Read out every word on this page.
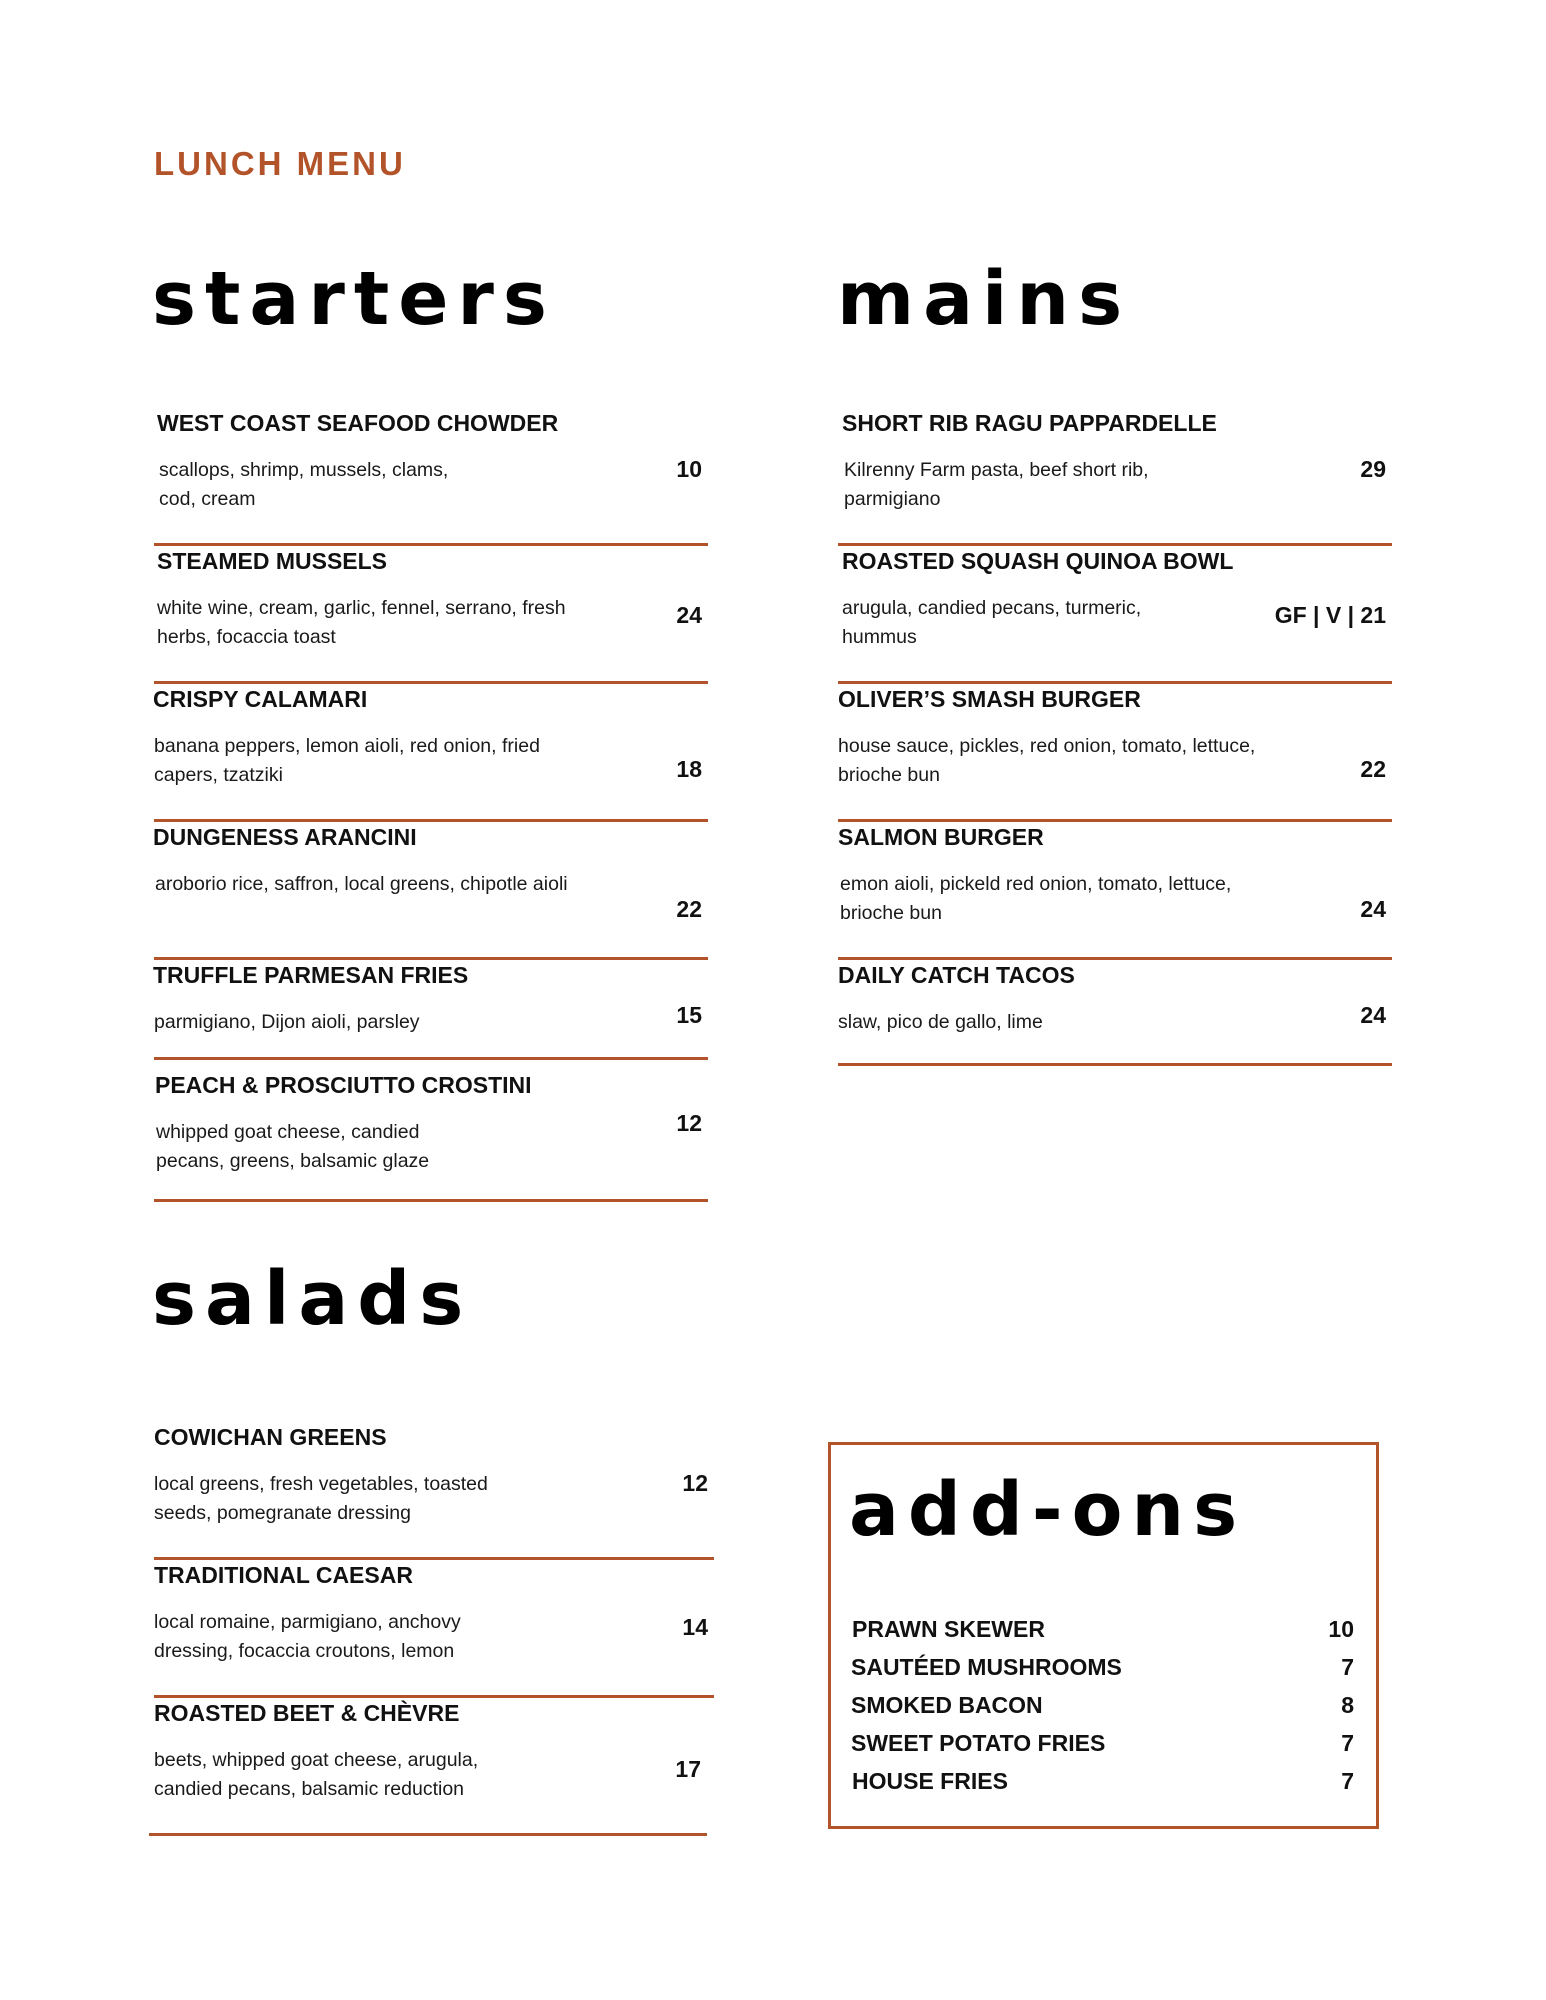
LUNCH MENU
starters
WEST COAST SEAFOOD CHOWDER
scallops, shrimp, mussels, clams, cod, cream
10
STEAMED MUSSELS
white wine, cream, garlic, fennel, serrano, fresh herbs, focaccia toast
24
CRISPY CALAMARI
banana peppers, lemon aioli, red onion, fried capers, tzatziki	18
DUNGENESS ARANCINI
aroborio rice, saffron, local greens, chipotle aioli
22
TRUFFLE PARMESAN FRIES
parmigiano, Dijon aioli, parsley	15
PEACH & PROSCIUTTO CROSTINI
whipped goat cheese, candied pecans, greens, balsamic glaze
12
mains
SHORT RIB RAGU PAPPARDELLE
Kilrenny Farm pasta, beef short rib, parmigiano
29
ROASTED SQUASH QUINOA BOWL
arugula, candied pecans, turmeric, hummus
GF | V | 21
OLIVER’S SMASH BURGER
house sauce, pickles, red onion, tomato, lettuce, brioche bun	22
SALMON BURGER
emon aioli, pickeld red onion, tomato, lettuce, brioche bun	24
DAILY CATCH TACOS
slaw, pico de gallo, lime	24
salads
COWICHAN GREENS
local greens, fresh vegetables, toasted seeds, pomegranate dressing
12
TRADITIONAL CAESAR
local romaine, parmigiano, anchovy dressing, focaccia croutons, lemon
14
ROASTED BEET & CHÈVRE
beets, whipped goat cheese, arugula, candied pecans, balsamic reduction
17
add-ons
PRAWN SKEWER	10
SAUTÉED MUSHROOMS	7
SMOKED BACON	8
SWEET POTATO FRIES	7
HOUSE FRIES	7
